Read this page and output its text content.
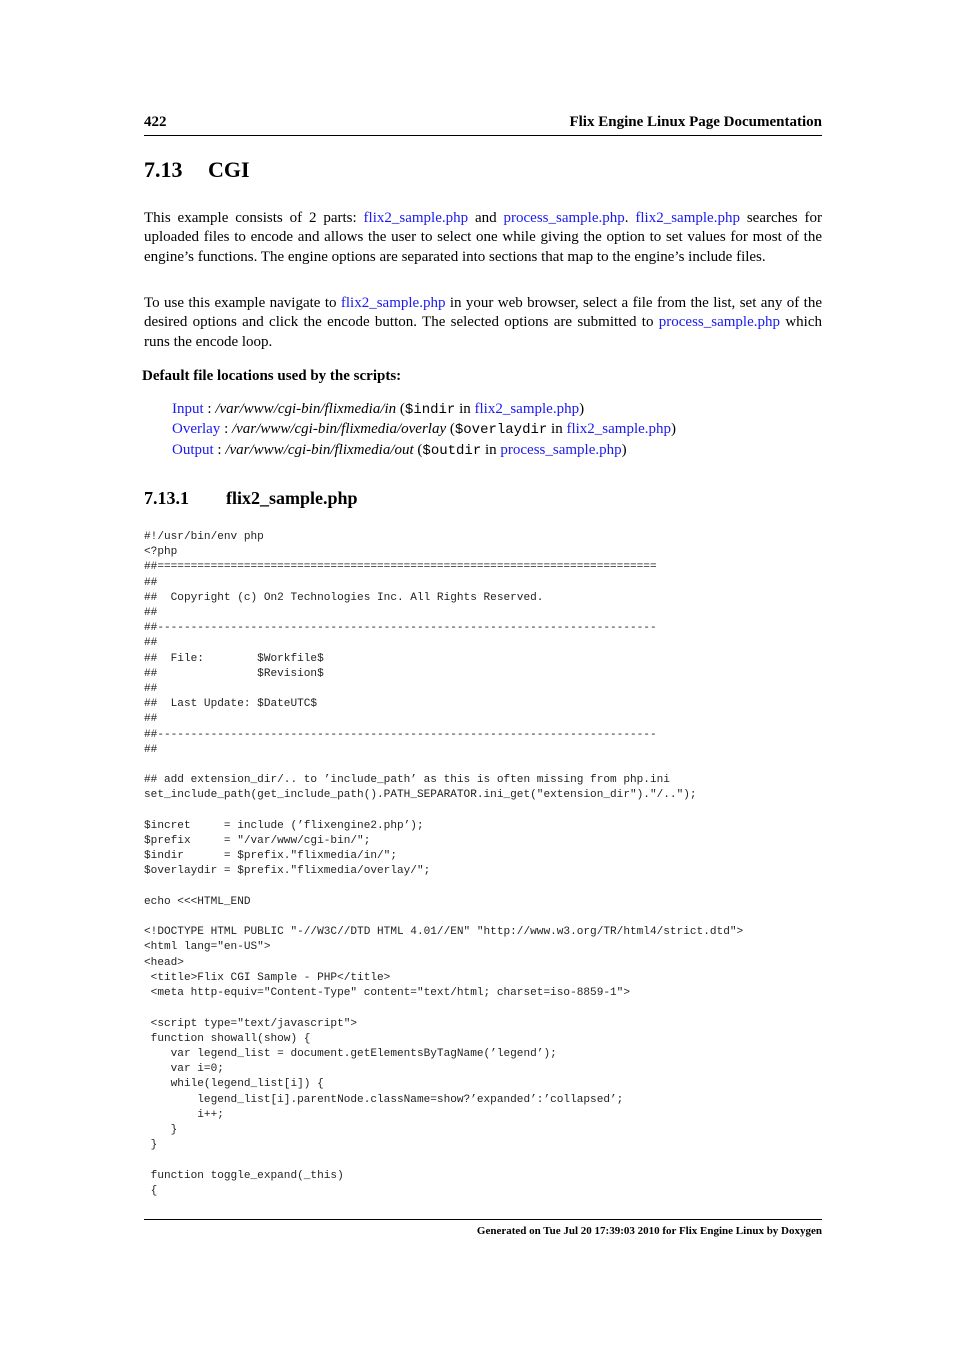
422	Flix Engine Linux Page Documentation
7.13 CGI

This example consists of 2 parts: flix2_sample.php and process_sample.php. flix2_sample.php searches for uploaded files to encode and allows the user to select one while giving the option to set values for most of the engine’s functions. The engine options are separated into sections that map to the engine’s include files.

To use this example navigate to flix2_sample.php in your web browser, select a file from the list, set any of the desired options and click the encode button. The selected options are submitted to process_sample.php which runs the encode loop.

Default file locations used by the scripts:
Input : /var/www/cgi-bin/flixmedia/in ($indir in flix2_sample.php)
Overlay : /var/www/cgi-bin/flixmedia/overlay ($overlaydir in flix2_sample.php)
Output : /var/www/cgi-bin/flixmedia/out ($outdir in process_sample.php)
7.13.1 flix2_sample.php
#!/usr/bin/env php
<?php
##===========================================================================
##
##  Copyright (c) On2 Technologies Inc. All Rights Reserved.
##
##---------------------------------------------------------------------------
##
##  File:        $Workfile$
##               $Revision$
##
##  Last Update: $DateUTC$
##
##---------------------------------------------------------------------------
##

## add extension_dir/.. to ’include_path’ as this is often missing from php.ini
set_include_path(get_include_path().PATH_SEPARATOR.ini_get("extension_dir")."/..");

$incret     = include (’flixengine2.php’);
$prefix     = "/var/www/cgi-bin/";
$indir      = $prefix."flixmedia/in/";
$overlaydir = $prefix."flixmedia/overlay/";

echo <<<HTML_END

<!DOCTYPE HTML PUBLIC "-//W3C//DTD HTML 4.01//EN" "http://www.w3.org/TR/html4/strict.dtd">
<html lang="en-US">
<head>
<title>Flix CGI Sample - PHP</title>
<meta http-equiv="Content-Type" content="text/html; charset=iso-8859-1">

<script type="text/javascript">
function showall(show) {
var legend_list = document.getElementsByTagName(’legend’);
var i=0;
while(legend_list[i]) {
legend_list[i].parentNode.className=show?’expanded’:’collapsed’;
i++;
}
}

function toggle_expand(_this)
{
Generated on Tue Jul 20 17:39:03 2010 for Flix Engine Linux by Doxygen
